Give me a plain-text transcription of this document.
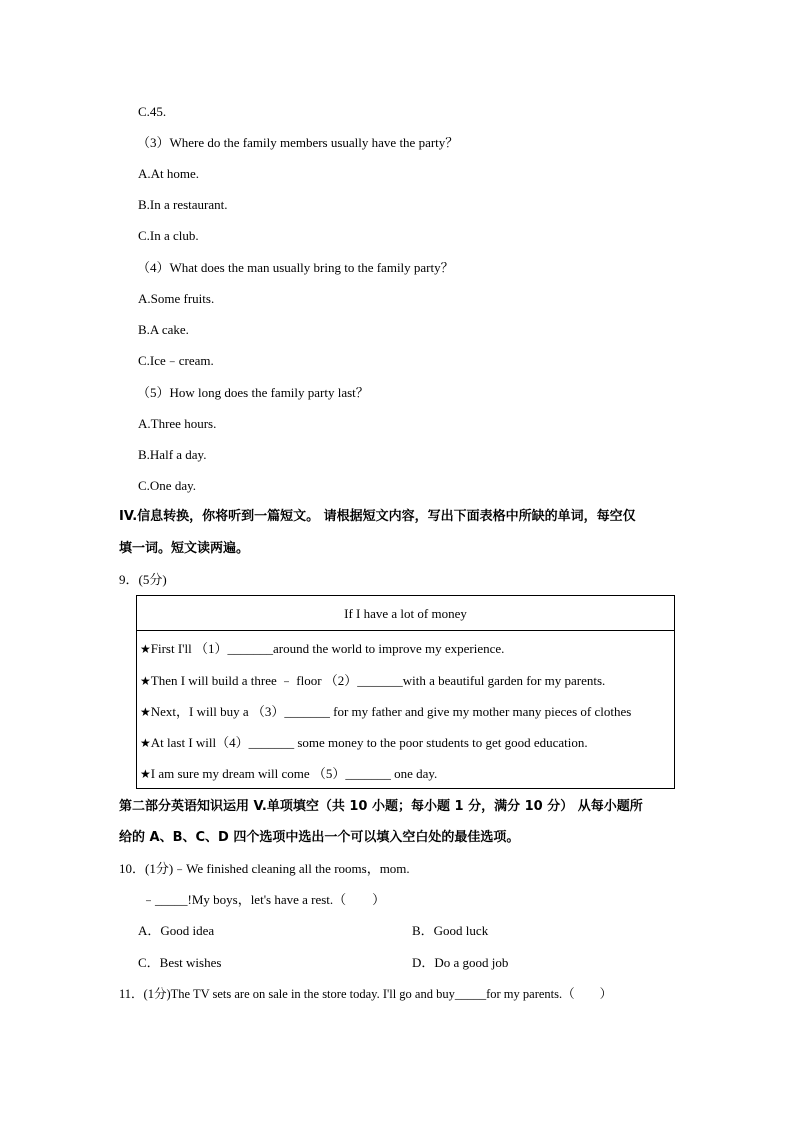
C.45.
（3）Where do the family members usually have the party？
A.At home.
B.In a restaurant.
C.In a club.
（4）What does the man usually bring to the family party？
A.Some fruits.
B.A cake.
C.Ice﹣cream.
（5）How long does the family party last？
A.Three hours.
B.Half a day.
C.One day.
IV.信息转换，你将听到一篇短文。 请根据短文内容，写出下面表格中所缺的单词，每空仅
填一词。短文读两遍。
9．(5分)
If I have a lot of money
★First I'll （1）_______around the world to improve my experience.
★Then I will build a three ﹣ floor （2）_______with a beautiful garden for my parents.
★Next，I will buy a （3）_______ for my father and give my mother many pieces of clothes
★At last I will（4）_______ some money to the poor students to get good education.
★I am sure my dream will come （5）_______ one day.
第二部分英语知识运用 V.单项填空（共 10 小题；每小题 1 分，满分 10 分） 从每小题所
给的 A、B、C、D 四个选项中选出一个可以填入空白处的最佳选项。
10．(1分)﹣We finished cleaning all the rooms，mom.
﹣_____!My boys，let's have a rest.（　　）
A．Good idea	B．Good luck
C．Best wishes	D．Do a good job
11．(1分)The TV sets are on sale in the store today. I'll go and buy_____for my parents.（　　）
